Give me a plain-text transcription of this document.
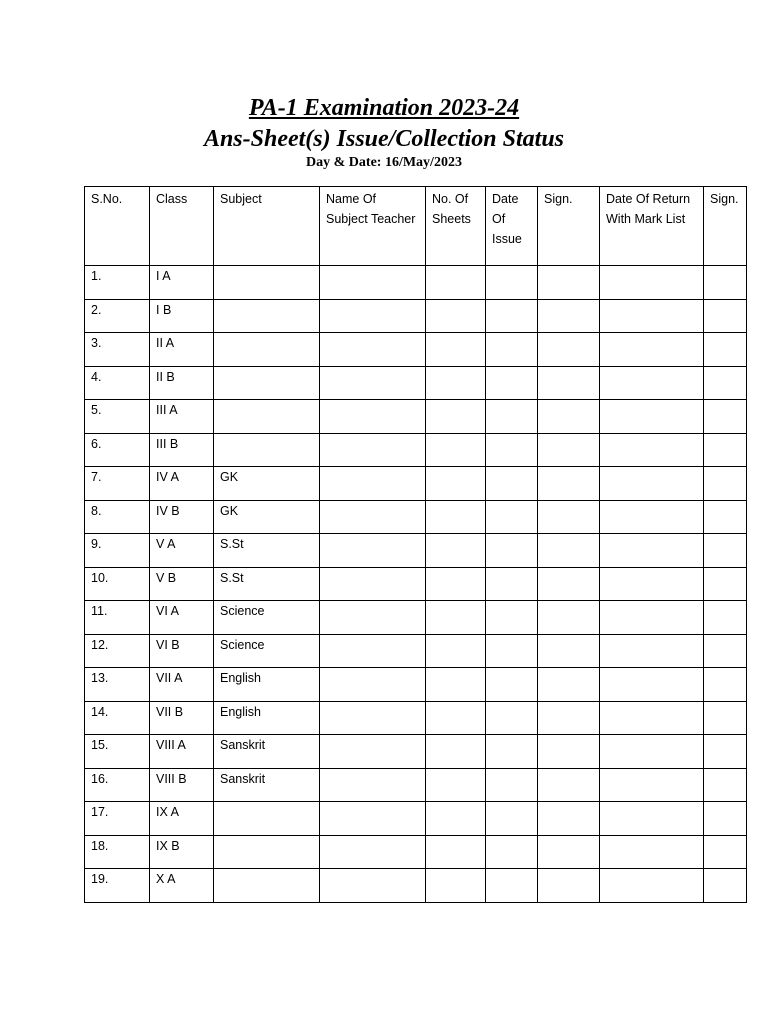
PA-1 Examination 2023-24

Ans-Sheet(s) Issue/Collection Status

Day & Date: 16/May/2023

S.No.	Class	Subject	Name Of Subject Teacher	No. Of Sheets	Date Of Issue	Sign.	Date Of Return With Mark List	Sign.
1.	I A							
2.	I B							
3.	II A							
4.	II B							
5.	III A							
6.	III B							
7.	IV A	GK						
8.	IV B	GK						
9.	V A	S.St						
10.	V B	S.St						
11.	VI A	Science						
12.	VI B	Science						
13.	VII A	English						
14.	VII B	English						
15.	VIII A	Sanskrit						
16.	VIII B	Sanskrit						
17.	IX A							
18.	IX B							
19.	X A							
